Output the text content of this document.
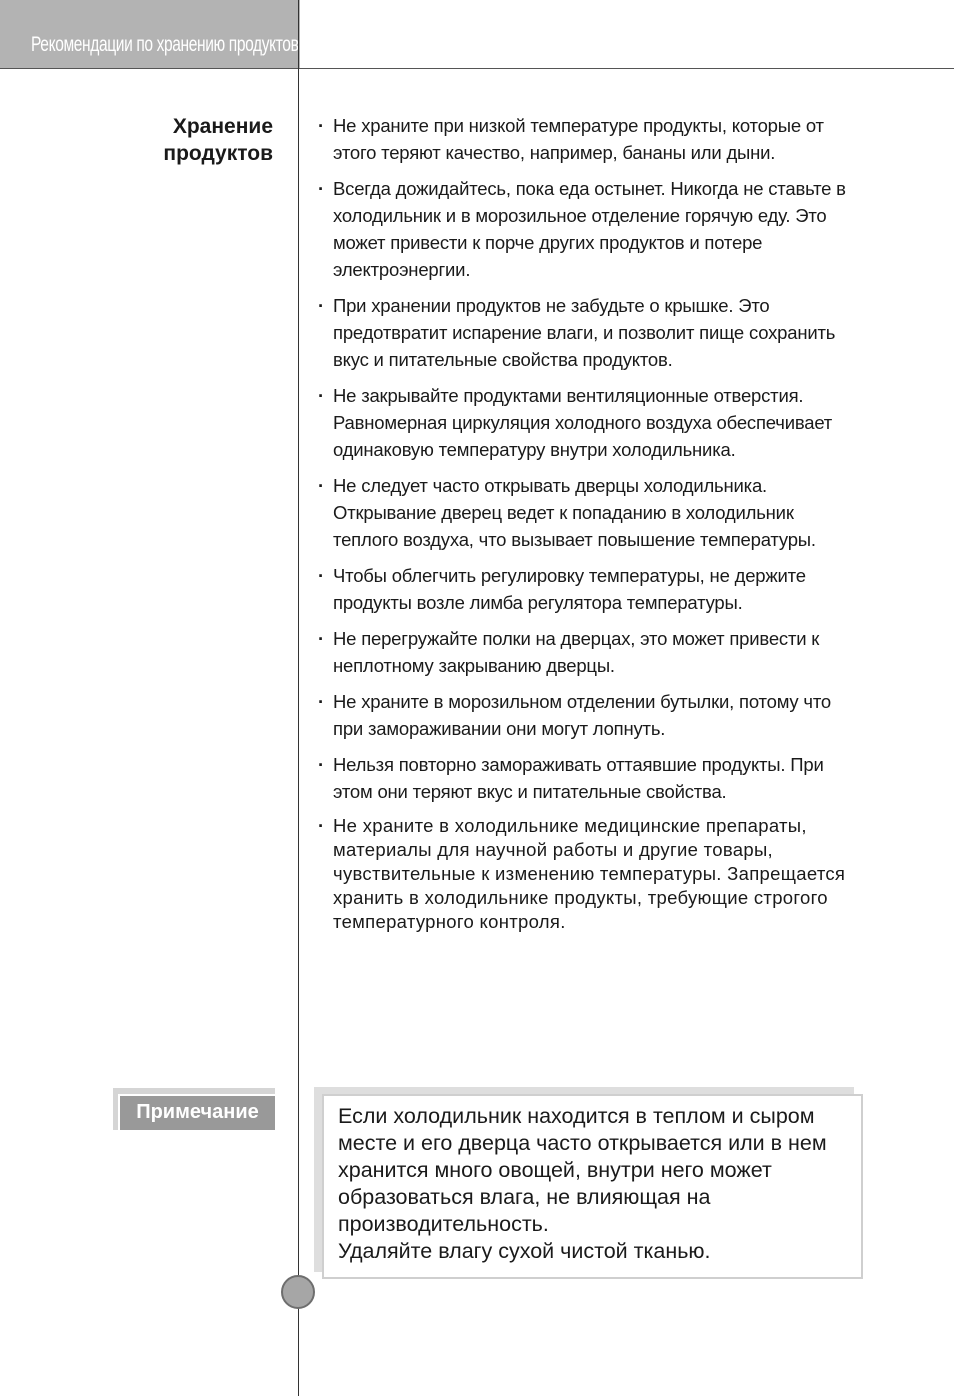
Рекомендации по хранению продуктов
Хранение
продуктов
· Не храните при низкой температуре продукты, которые от этого теряют качество, например, бананы или дыни.
· Всегда дожидайтесь, пока еда остынет. Никогда не ставьте в холодильник и в морозильное отделение горячую еду. Это может привести к порче других продуктов и потере электроэнергии.
· При хранении продуктов не забудьте о крышке. Это предотвратит испарение влаги, и позволит пище сохранить вкус и питательные свойства продуктов.
· Не закрывайте продуктами вентиляционные отверстия. Равномерная циркуляция холодного воздуха обеспечивает одинаковую температуру внутри холодильника.
· Не следует часто открывать дверцы холодильника. Открывание дверец ведет к попаданию в холодильник теплого воздуха, что вызывает повышение температуры.
· Чтобы облегчить регулировку температуры, не держите продукты возле лимба регулятора температуры.
· Не перегружайте полки на дверцах, это может привести к неплотному закрыванию дверцы.
· Не храните в морозильном отделении бутылки, потому что при замораживании они могут лопнуть.
· Нельзя повторно замораживать оттаявшие продукты. При этом они теряют вкус и питательные свойства.
· Не храните в холодильнике медицинские препараты, материалы для научной работы и другие товары, чувствительные к изменению температуры. Запрещается хранить в холодильнике продукты, требующие строгого температурного контроля.
Примечание	Если холодильник находится в теплом и сыром месте и его дверца часто открывается или в нем хранится много овощей, внутри него может образоваться влага, не влияющая на производительность.
Удаляйте влагу сухой чистой тканью.
